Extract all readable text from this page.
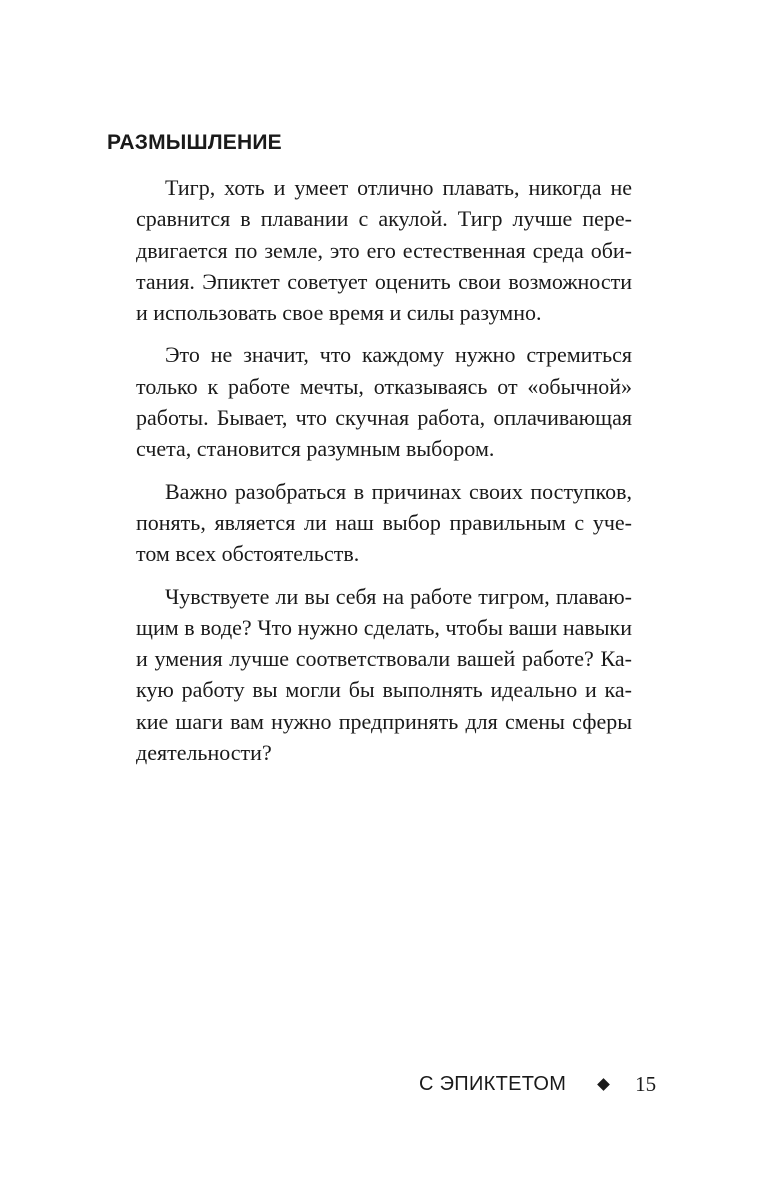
РАЗМЫШЛЕНИЕ

Тигр, хоть и умеет отлично плавать, никогда не сравнится в плавании с акулой. Тигр лучше передвигается по земле, это его естественная среда обитания. Эпиктет советует оценить свои возможности и использовать свое время и силы разумно.

Это не значит, что каждому нужно стремиться только к работе мечты, отказываясь от «обычной» работы. Бывает, что скучная работа, оплачивающая счета, становится разумным выбором.

Важно разобраться в причинах своих поступков, понять, является ли наш выбор правильным с учетом всех обстоятельств.

Чувствуете ли вы себя на работе тигром, плавающим в воде? Что нужно сделать, чтобы ваши навыки и умения лучше соответствовали вашей работе? Какую работу вы могли бы выполнять идеально и какие шаги вам нужно предпринять для смены сферы деятельности?

С ЭПИКТЕТОМ	15
